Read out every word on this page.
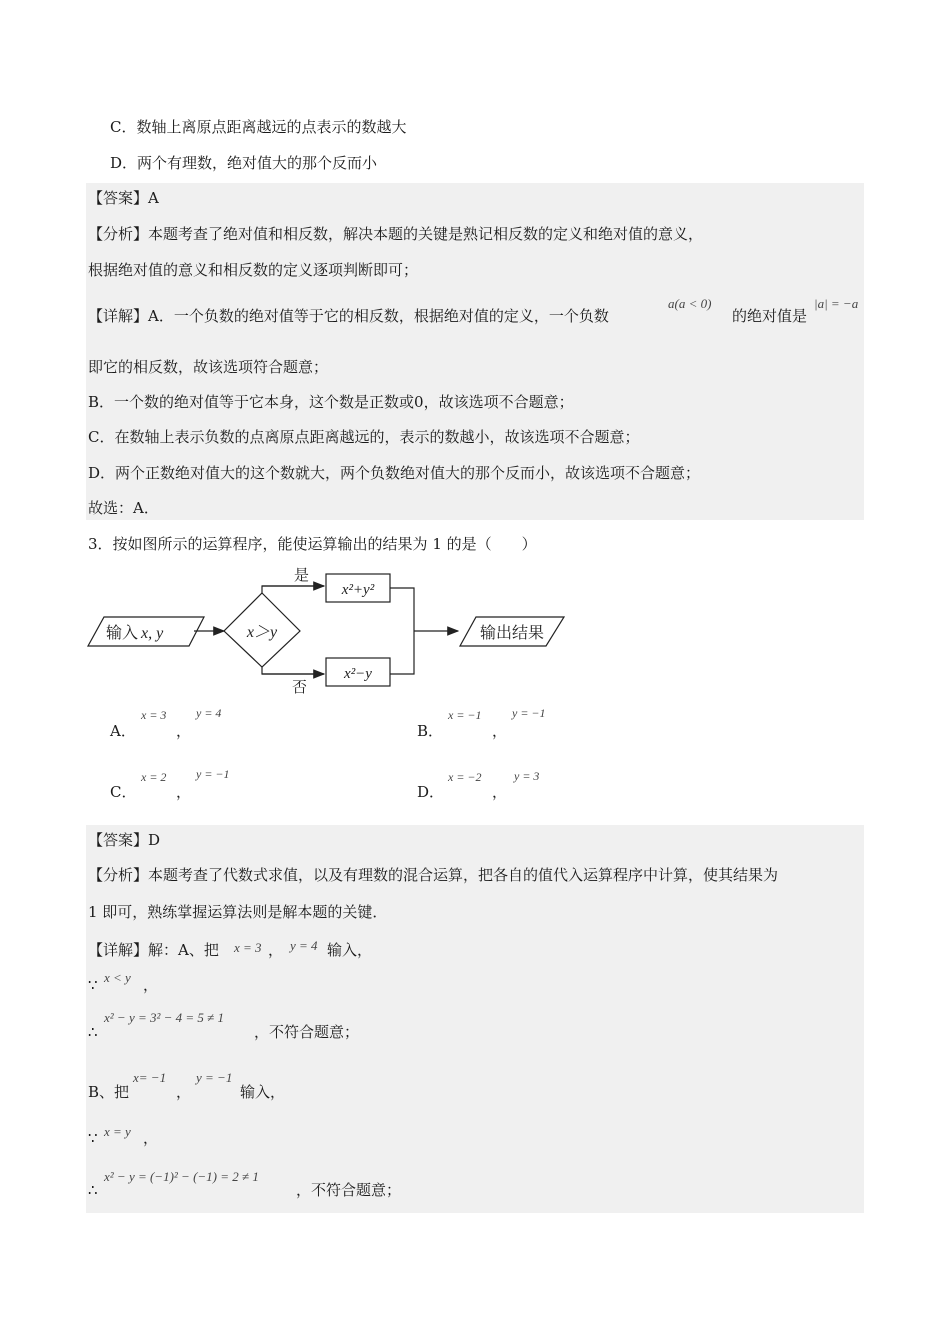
C．数轴上离原点距离越远的点表示的数越大
D．两个有理数，绝对值大的那个反而小
【答案】A
【分析】本题考查了绝对值和相反数，解决本题的关键是熟记相反数的定义和绝对值的意义，
根据绝对值的意义和相反数的定义逐项判断即可；
【详解】A．一个负数的绝对值等于它的相反数，根据绝对值的定义，一个负数
a(a < 0)
的绝对值是
|a| = −a
即它的相反数，故该选项符合题意；
B．一个数的绝对值等于它本身，这个数是正数或0，故该选项不合题意；
C．在数轴上表示负数的点离原点距离越远的，表示的数越小，故该选项不合题意；
D．两个正数绝对值大的这个数就大，两个负数绝对值大的那个反而小，故该选项不合题意；
故选：A．
3．按如图所示的运算程序，能使运算输出的结果为 1 的是（　　）
输入 x, y	x＞y
是
x²+y²
否
x²−y
输出结果
A．
x = 3
，
y = 4
B．
x = −1
，
y = −1
C．
x = 2
，
y = −1
D．
x = −2
，
y = 3
【答案】D
【分析】本题考查了代数式求值，以及有理数的混合运算，把各自的值代入运算程序中计算，使其结果为
1 即可，熟练掌握运算法则是解本题的关键．
【详解】解：A、把 x = 3 ， y = 4 输入，
∵ x < y ，
∴
x² − y = 3² − 4 = 5 ≠ 1
，不符合题意；
B、把
x= −1
，
y = −1
输入，
∵ x = y ，
∴
x² − y = (−1)² − (−1) = 2 ≠ 1
，不符合题意；
